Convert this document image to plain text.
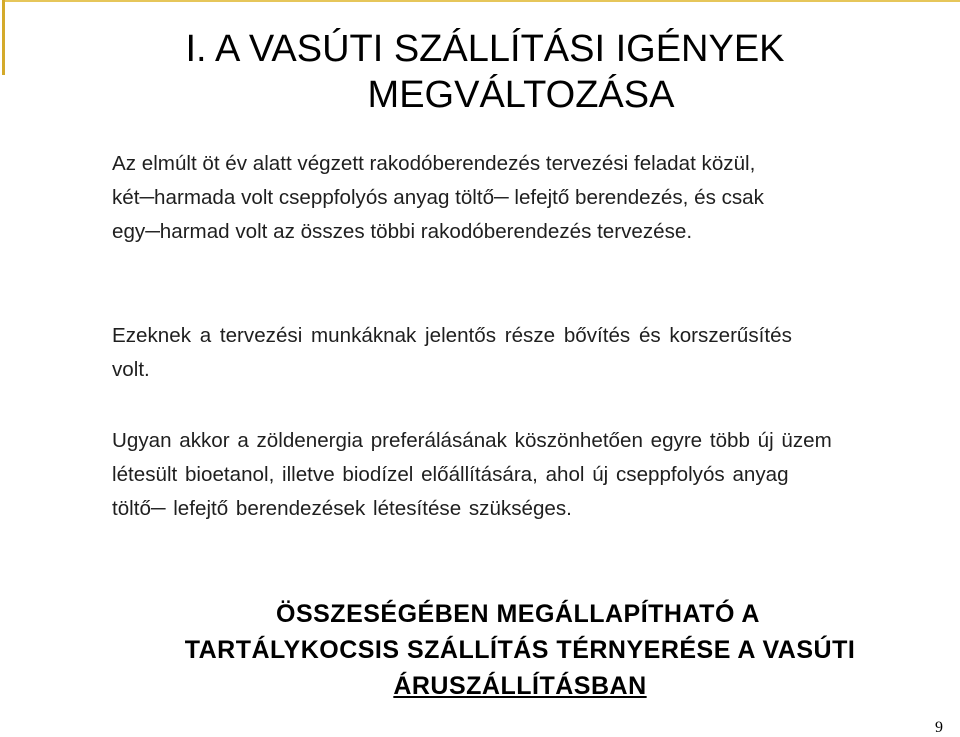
I. A VASÚTI SZÁLLÍTÁSI IGÉNYEK
MEGVÁLTOZÁSA
Az elmúlt öt év alatt végzett rakodóberendezés tervezési feladat közül, két─harmada volt cseppfolyós anyag töltő─ lefejtő berendezés, és csak egy─harmad volt az összes többi rakodóberendezés tervezése.
Ezeknek a tervezési munkáknak jelentős része bővítés és korszerűsítés volt.
Ugyan akkor a zöldenergia preferálásának köszönhetően egyre több új üzem létesült bioetanol, illetve biodízel előállítására, ahol új cseppfolyós anyag töltő─ lefejtő berendezések létesítése szükséges.
ÖSSZESÉGÉBEN MEGÁLLAPÍTHATÓ A
TARTÁLYKOCSIS SZÁLLÍTÁS TÉRNYERÉSE A VASÚTI
ÁRUSZÁLLÍTÁSBAN
9
